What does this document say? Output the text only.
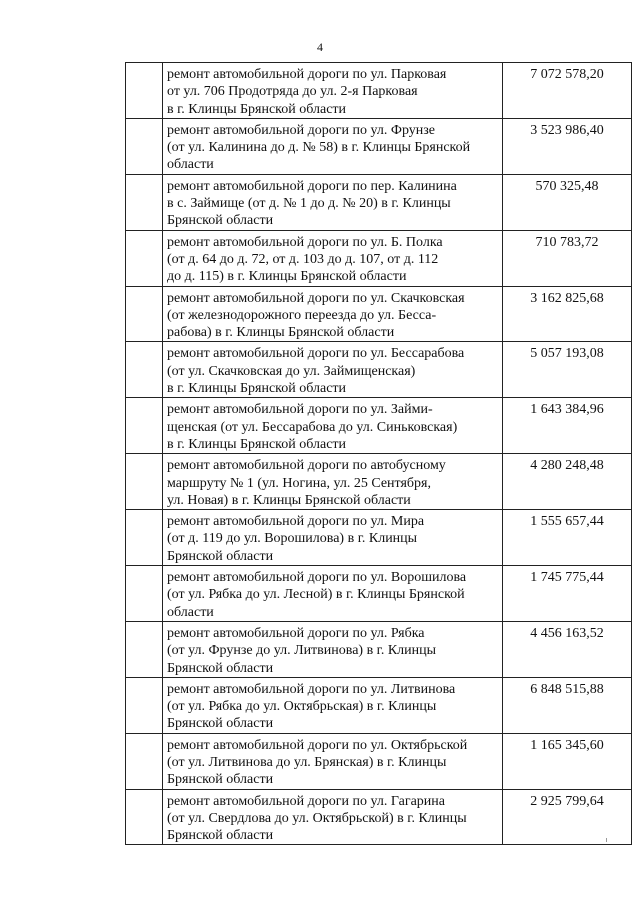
4

	ремонт автомобильной дороги по ул. Парковая
от ул. 706 Продотряда до ул. 2-я Парковая
в г. Клинцы Брянской области	7 072 578,20

	ремонт автомобильной дороги по ул. Фрунзе
(от ул. Калинина до д. № 58) в г. Клинцы Брянской
области	3 523 986,40

	ремонт автомобильной дороги по пер. Калинина
в с. Займище (от д. № 1 до д. № 20) в г. Клинцы
Брянской области	570 325,48

	ремонт автомобильной дороги по ул. Б. Полка
(от д. 64 до д. 72, от д. 103 до д. 107, от д. 112
до д. 115) в г. Клинцы Брянской области	710 783,72

	ремонт автомобильной дороги по ул. Скачковская
(от железнодорожного переезда до ул. Бесса-
рабова) в г. Клинцы Брянской области	3 162 825,68

	ремонт автомобильной дороги по ул. Бессарабова
(от ул. Скачковская до ул. Займищенская)
в г. Клинцы Брянской области	5 057 193,08

	ремонт автомобильной дороги по ул. Займи-
щенская (от ул. Бессарабова до ул. Синьковская)
в г. Клинцы Брянской области	1 643 384,96

	ремонт автомобильной дороги по автобусному
маршруту № 1 (ул. Ногина, ул. 25 Сентября,
ул. Новая) в г. Клинцы Брянской области	4 280 248,48

	ремонт автомобильной дороги по ул. Мира
(от д. 119 до ул. Ворошилова) в г. Клинцы
Брянской области	1 555 657,44

	ремонт автомобильной дороги по ул. Ворошилова
(от ул. Рябка до ул. Лесной) в г. Клинцы Брянской
области	1 745 775,44

	ремонт автомобильной дороги по ул. Рябка
(от ул. Фрунзе до ул. Литвинова) в г. Клинцы
Брянской области	4 456 163,52

	ремонт автомобильной дороги по ул. Литвинова
(от ул. Рябка до ул. Октябрьская) в г. Клинцы
Брянской области	6 848 515,88

	ремонт автомобильной дороги по ул. Октябрьской
(от ул. Литвинова до ул. Брянская) в г. Клинцы
Брянской области	1 165 345,60

	ремонт автомобильной дороги по ул. Гагарина
(от ул. Свердлова до ул. Октябрьской) в г. Клинцы
Брянской области	2 925 799,64
